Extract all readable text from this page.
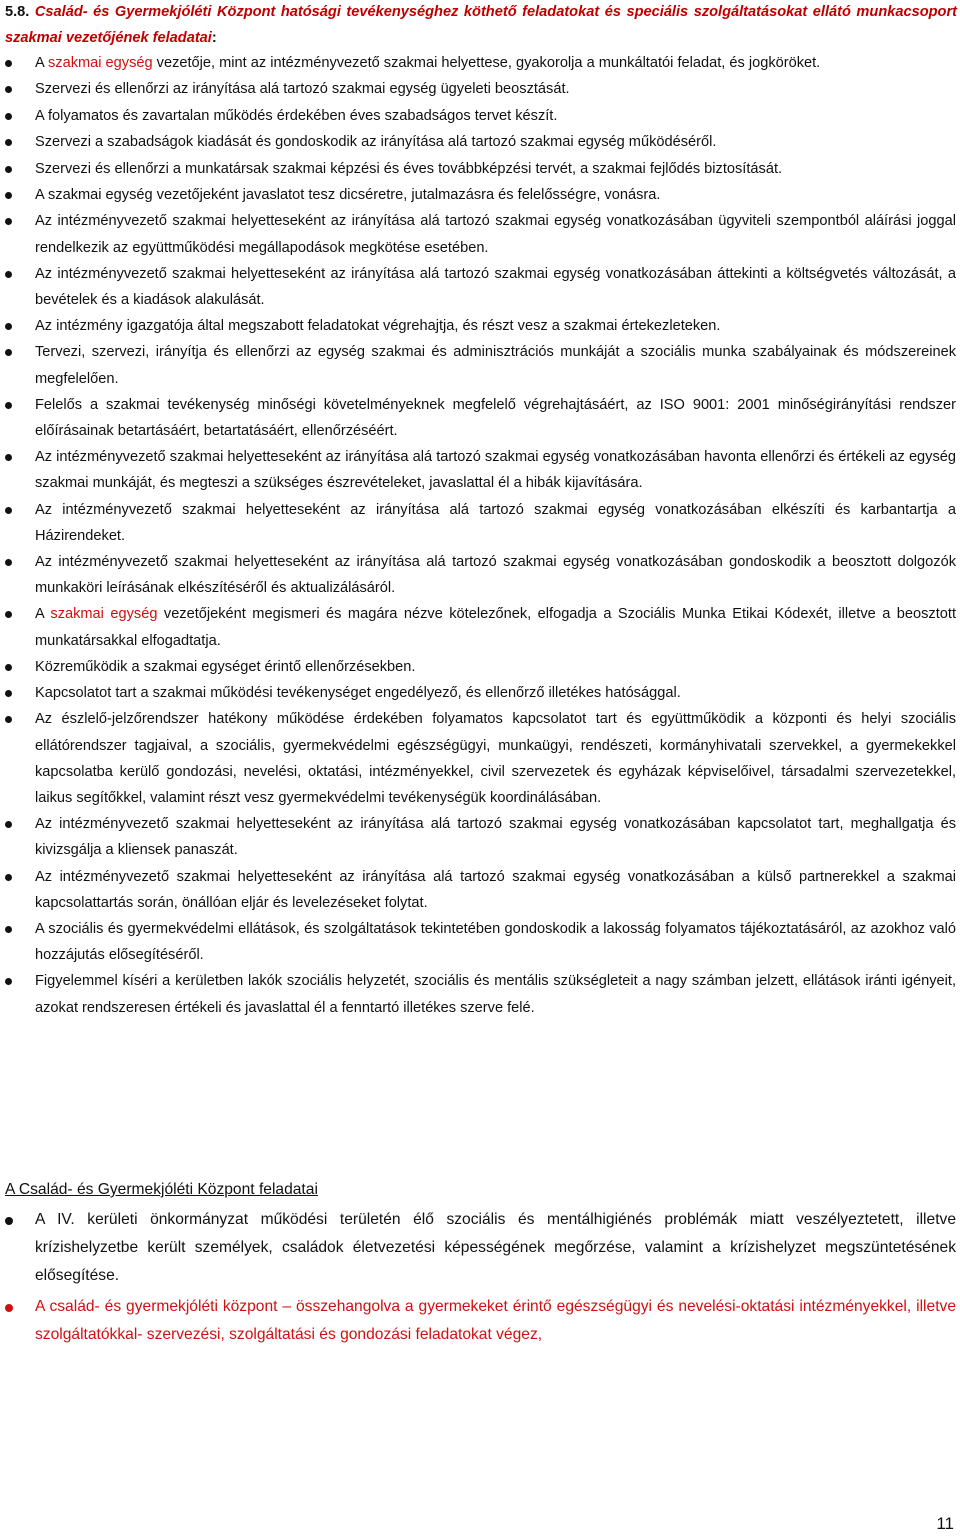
5.8. Család- és Gyermekjóléti Központ hatósági tevékenységhez köthető feladatokat és speciális szolgáltatásokat ellátó munkacsoport szakmai vezetőjének feladatai:
A szakmai egység vezetője, mint az intézményvezető szakmai helyettese, gyakorolja a munkáltatói feladat, és jogköröket.
Szervezi és ellenőrzi az irányítása alá tartozó szakmai egység ügyeleti beosztását.
A folyamatos és zavartalan működés érdekében éves szabadságos tervet készít.
Szervezi a szabadságok kiadását és gondoskodik az irányítása alá tartozó szakmai egység működéséről.
Szervezi és ellenőrzi a munkatársak szakmai képzési és éves továbbképzési tervét, a szakmai fejlődés biztosítását.
A szakmai egység vezetőjeként javaslatot tesz dicséretre, jutalmazásra és felelősségre, vonásra.
Az intézményvezető szakmai helyetteseként az irányítása alá tartozó szakmai egység vonatkozásában ügyviteli szempontból aláírási joggal rendelkezik az együttműködési megállapodások megkötése esetében.
Az intézményvezető szakmai helyetteseként az irányítása alá tartozó szakmai egység vonatkozásában áttekinti a költségvetés változását, a bevételek és a kiadások alakulását.
Az intézmény igazgatója által megszabott feladatokat végrehajtja, és részt vesz a szakmai értekezleteken.
Tervezi, szervezi, irányítja és ellenőrzi az egység szakmai és adminisztrációs munkáját a szociális munka szabályainak és módszereinek megfelelően.
Felelős a szakmai tevékenység minőségi követelményeknek megfelelő végrehajtásáért, az ISO 9001: 2001 minőségirányítási rendszer előírásainak betartásáért, betartatásáért, ellenőrzéséért.
Az intézményvezető szakmai helyetteseként az irányítása alá tartozó szakmai egység vonatkozásában havonta ellenőrzi és értékeli az egység szakmai munkáját, és megteszi a szükséges észrevételeket, javaslattal él a hibák kijavítására.
Az intézményvezető szakmai helyetteseként az irányítása alá tartozó szakmai egység vonatkozásában elkészíti és karbantartja a Házirendeket.
Az intézményvezető szakmai helyetteseként az irányítása alá tartozó szakmai egység vonatkozásában gondoskodik a beosztott dolgozók munkaköri leírásának elkészítéséről és aktualizálásáról.
A szakmai egység vezetőjeként megismeri és magára nézve kötelezőnek, elfogadja a Szociális Munka Etikai Kódexét, illetve a beosztott munkatársakkal elfogadtatja.
Közreműködik a szakmai egységet érintő ellenőrzésekben.
Kapcsolatot tart a szakmai működési tevékenységet engedélyező, és ellenőrző illetékes hatósággal.
Az észlelő-jelzőrendszer hatékony működése érdekében folyamatos kapcsolatot tart és együttműködik a központi és helyi szociális ellátórendszer tagjaival, a szociális, gyermekvédelmi egészségügyi, munkaügyi, rendészeti, kormányhivatali szervekkel, a gyermekekkel kapcsolatba kerülő gondozási, nevelési, oktatási, intézményekkel, civil szervezetek és egyházak képviselőivel, társadalmi szervezetekkel, laikus segítőkkel, valamint részt vesz gyermekvédelmi tevékenységük koordinálásában.
Az intézményvezető szakmai helyetteseként az irányítása alá tartozó szakmai egység vonatkozásában kapcsolatot tart, meghallgatja és kivizsgálja a kliensek panaszát.
Az intézményvezető szakmai helyetteseként az irányítása alá tartozó szakmai egység vonatkozásában a külső partnerekkel a szakmai kapcsolattartás során, önállóan eljár és levelezéseket folytat.
A szociális és gyermekvédelmi ellátások, és szolgáltatások tekintetében gondoskodik a lakosság folyamatos tájékoztatásáról, az azokhoz való hozzájutás elősegítéséről.
Figyelemmel kíséri a kerületben lakók szociális helyzetét, szociális és mentális szükségleteit a nagy számban jelzett, ellátások iránti igényeit, azokat rendszeresen értékeli és javaslattal él a fenntartó illetékes szerve felé.
A Család- és Gyermekjóléti Központ feladatai
A IV. kerületi önkormányzat működési területén élő szociális és mentálhigiénés problémák miatt veszélyeztetett, illetve krízishelyzetbe került személyek, családok életvezetési képességének megőrzése, valamint a krízishelyzet megszüntetésének elősegítése.
A család- és gyermekjóléti központ – összehangolva a gyermekeket érintő egészségügyi és nevelési-oktatási intézményekkel, illetve szolgáltatókkal- szervezési, szolgáltatási és gondozási feladatokat végez,
11
